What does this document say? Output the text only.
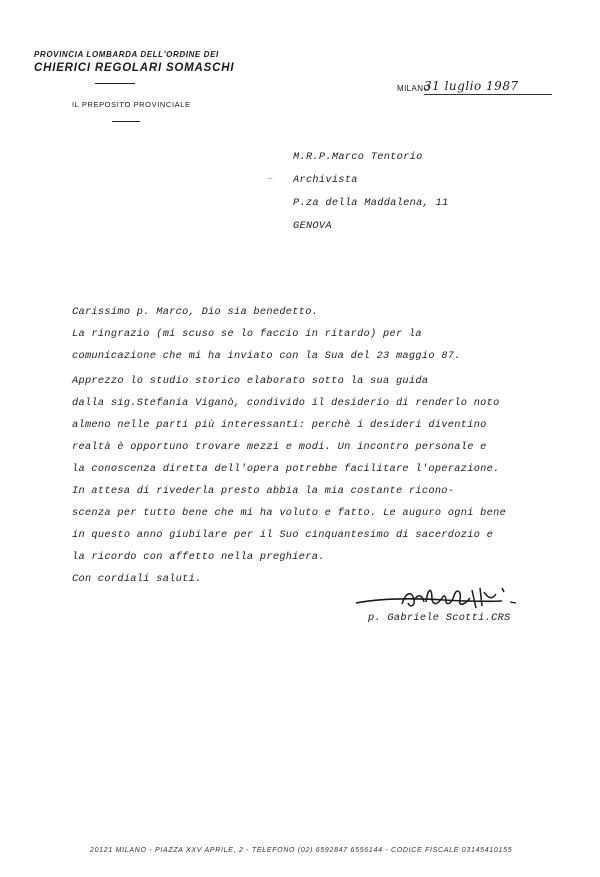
PROVINCIA LOMBARDA DELL'ORDINE DEI
CHIERICI REGOLARI SOMASCHI
IL PREPOSITO PROVINCIALE
MILANO
31 luglio 1987
M.R.P.Marco Tentorio
Archivista
P.za della Maddalena, 11
GENOVA
–
Carissimo p. Marco, Dio sia benedetto.
La ringrazio (mi scuso se lo faccio in ritardo) per la
comunicazione che mi ha inviato con la Sua del 23 maggio 87.
Apprezzo lo studio storico elaborato sotto la sua guida
dalla sig.Stefania Viganò, condivido il desiderio di renderlo noto
almeno nelle parti più interessanti: perchè i desideri diventino
realtà è opportuno trovare mezzi e modi. Un incontro personale e
la conoscenza diretta dell'opera potrebbe facilitare l'operazione.
In attesa di rivederla presto abbia la mia costante ricono-
scenza per tutto bene che mi ha voluto e fatto. Le auguro ogni bene
in questo anno giubilare per il Suo cinquantesimo di sacerdozio e
la ricordo con affetto nella preghiera.
Con cordiali saluti.
p. Gabriele Scotti.CRS
20121 MILANO - PIAZZA XXV APRILE, 2 - TELEFONO (02) 6592847 6556144 - CODICE FISCALE 03145410155
